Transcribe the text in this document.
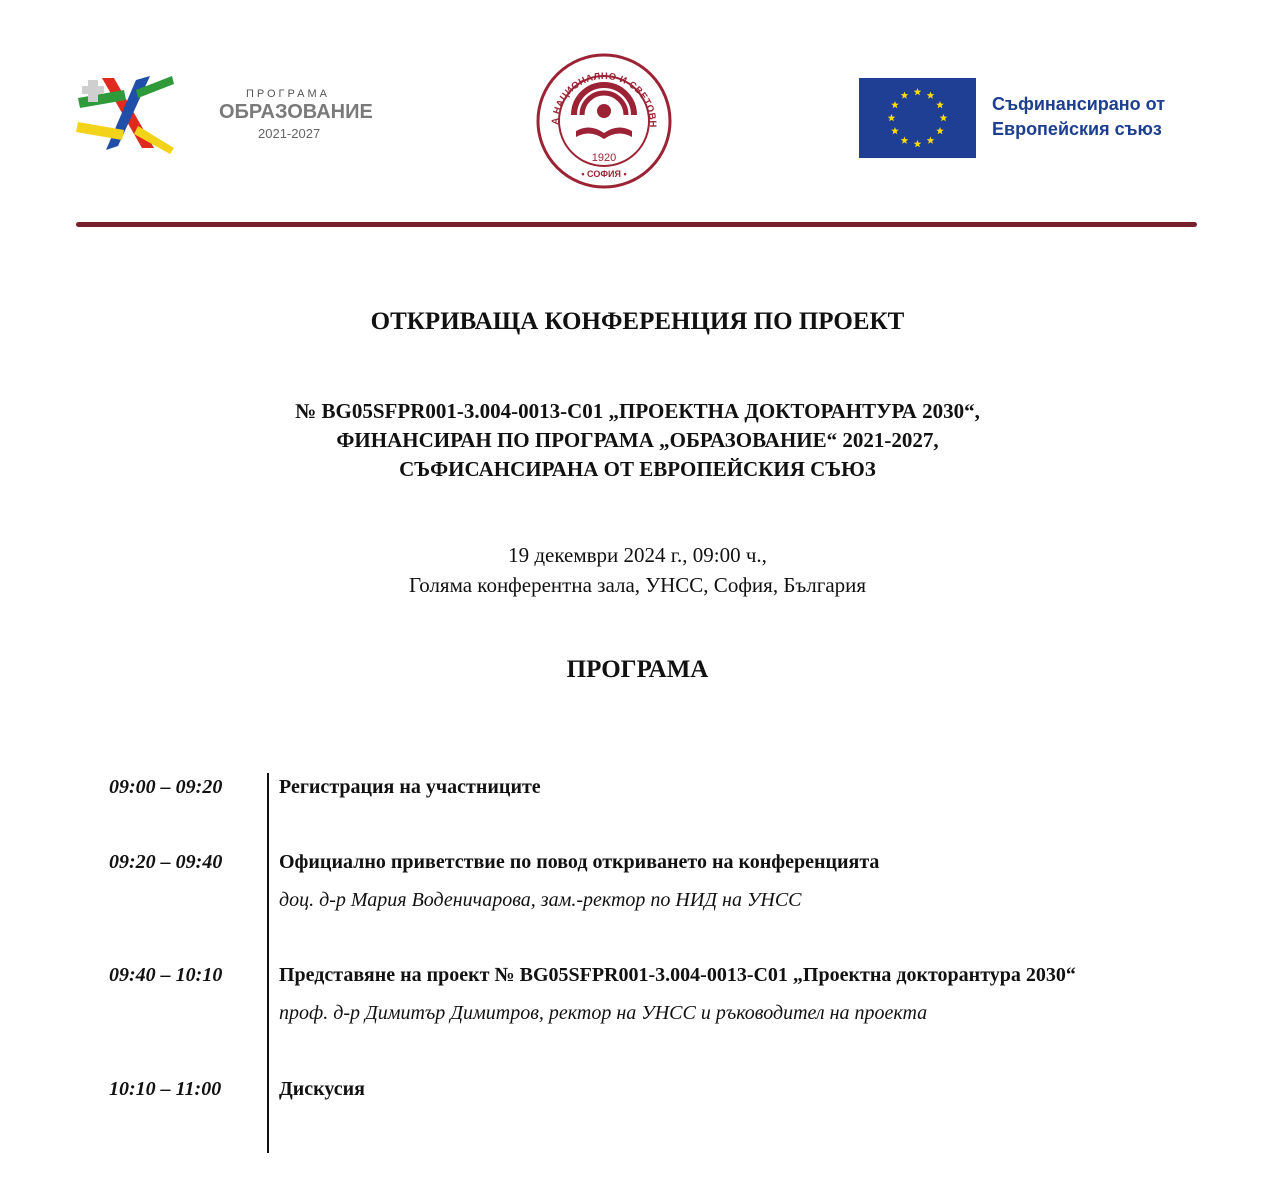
ПРОГРАМА
ОБРАЗОВАНИЕ
2021-2027
А НАЦИОНАЛНО И СВЕТОВН
1920
• СОФИЯ •
Съфинансирано от
Европейския съюз
ОТКРИВАЩА КОНФЕРЕНЦИЯ ПО ПРОЕКТ
№ BG05SFPR001-3.004-0013-C01 „ПРОЕКТНА ДОКТОРАНТУРА 2030“,
ФИНАНСИРАН ПО ПРОГРАМА „ОБРАЗОВАНИЕ“ 2021-2027,
СЪФИСАНСИРАНА ОТ ЕВРОПЕЙСКИЯ СЪЮЗ
19 декември 2024 г., 09:00 ч.,
Голяма конферентна зала, УНСС, София, България
ПРОГРАМА
09:00 – 09:20	Регистрация на участниците
09:20 – 09:40	Официално приветствие по повод откриването на конференцията
доц. д-р Мария Воденичарова, зам.-ректор по НИД на УНСС
09:40 – 10:10	Представяне на проект № BG05SFPR001-3.004-0013-C01 „Проектна докторантура 2030“
проф. д-р Димитър Димитров, ректор на УНСС и ръководител на проекта
10:10 – 11:00	Дискусия
